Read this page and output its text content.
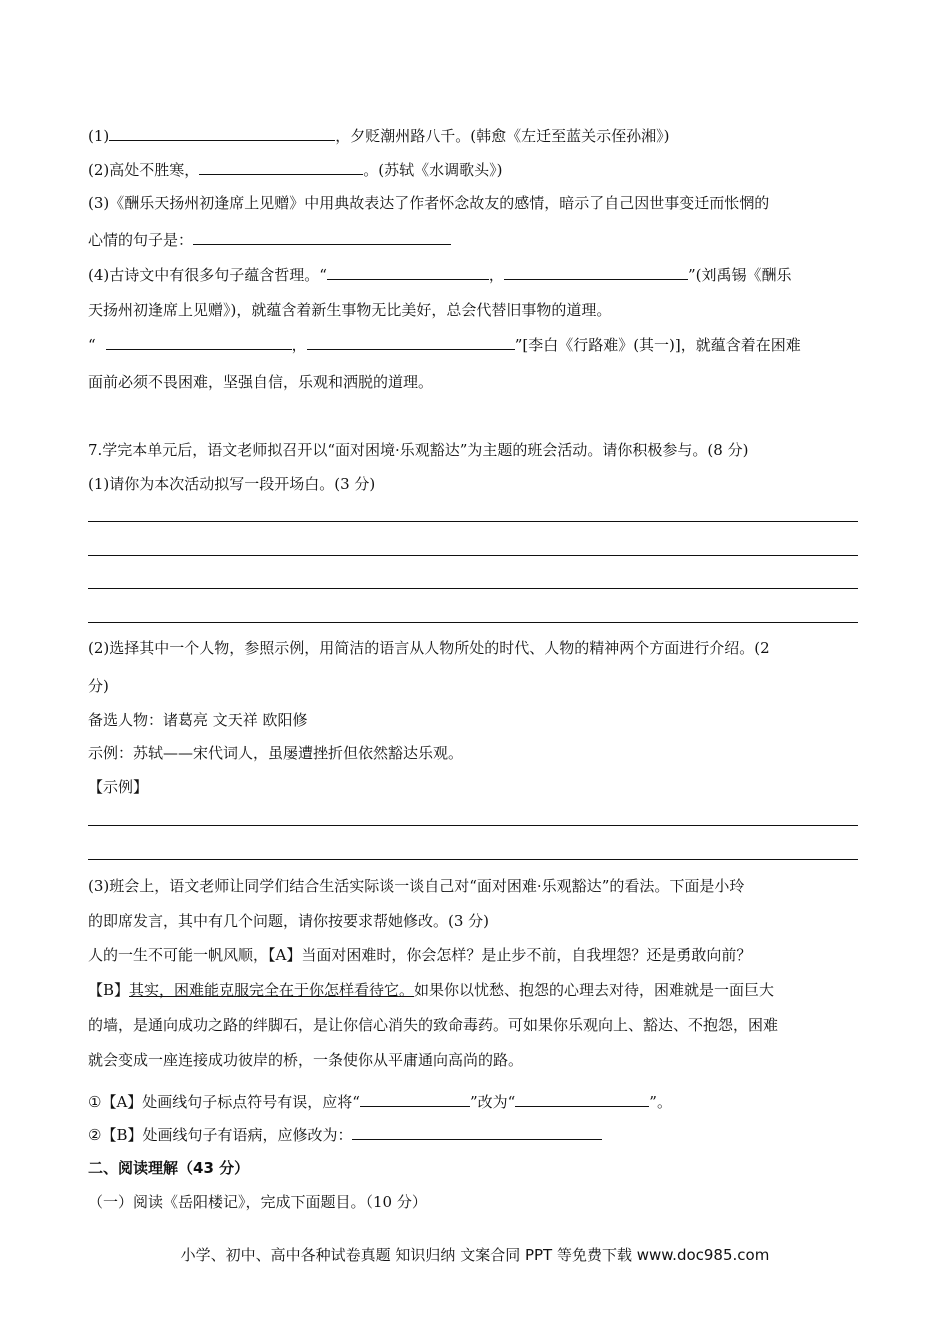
(1)	，夕贬潮州路八千。(韩愈《左迁至蓝关示侄孙湘》)
(2)高处不胜寒，	。(苏轼《水调歌头》)
(3)《酬乐天扬州初逢席上见赠》中用典故表达了作者怀念故友的感情，暗示了自己因世事变迁而怅惘的
心情的句子是：
(4)古诗文中有很多句子蕴含哲理。“	，	”(刘禹锡《酬乐
天扬州初逢席上见赠》)，就蕴含着新生事物无比美好，总会代替旧事物的道理。
“	，	”[李白《行路难》(其一)]，就蕴含着在困难
面前必须不畏困难，坚强自信，乐观和洒脱的道理。
7.学完本单元后，语文老师拟召开以“面对困境·乐观豁达”为主题的班会活动。请你积极参与。(8 分)
(1)请你为本次活动拟写一段开场白。(3 分)
(2)选择其中一个人物，参照示例，用简洁的语言从人物所处的时代、人物的精神两个方面进行介绍。(2
分)
备选人物：诸葛亮 文天祥 欧阳修
示例：苏轼——宋代词人，虽屡遭挫折但依然豁达乐观。
【示例】
(3)班会上，语文老师让同学们结合生活实际谈一谈自己对“面对困难·乐观豁达”的看法。下面是小玲
的即席发言，其中有几个问题，请你按要求帮她修改。(3 分)
人的一生不可能一帆风顺，【A】当面对困难时，你会怎样？是止步不前，自我埋怨？还是勇敢向前？
【B】其实，困难能克服完全在于你怎样看待它。如果你以忧愁、抱怨的心理去对待，困难就是一面巨大
的墙，是通向成功之路的绊脚石，是让你信心消失的致命毒药。可如果你乐观向上、豁达、不抱怨，困难
就会变成一座连接成功彼岸的桥，一条使你从平庸通向高尚的路。
①【A】处画线句子标点符号有误，应将“	”改为“	”。
②【B】处画线句子有语病，应修改为：
二、阅读理解（43 分）
（一）阅读《岳阳楼记》，完成下面题目。（10 分）
小学、初中、高中各种试卷真题 知识归纳 文案合同 PPT 等免费下载 www.doc985.com
